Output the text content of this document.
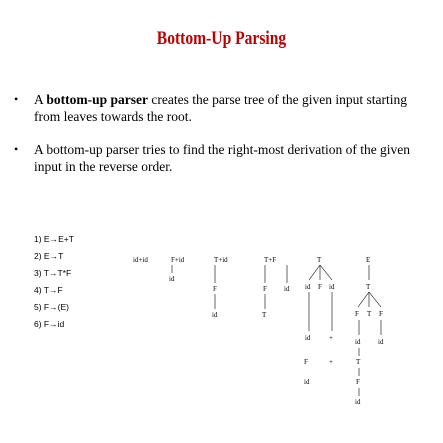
Bottom-Up Parsing
• A bottom-up parser creates the parse tree of the given input starting from leaves towards the root.
• A bottom-up parser tries to find the right-most derivation of the given input in the reverse order.
1) E→E+T
2) E→T
3) T→T*F
4) T→F
5) F→(E)
6) F→id
id+id	F+id	T+id	T+F	T	E
id
F
id
F id
T
id F id	T
F T F
id	+	id	id
T
F
id
+
F
id
